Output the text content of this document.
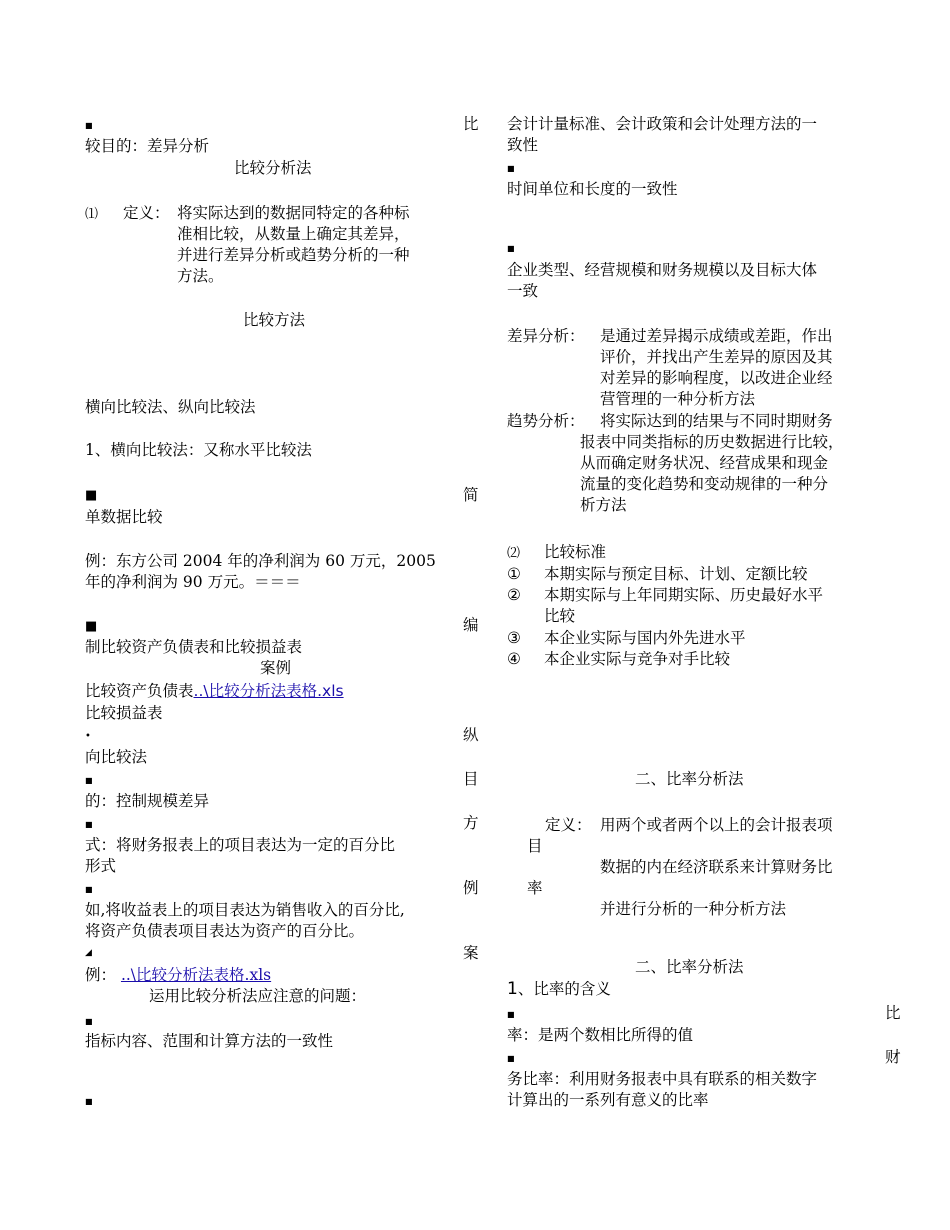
■	比
较目的：差异分析
比较分析法
⑴ 定义： 将实际达到的数据同特定的各种标
准相比较，从数量上确定其差异，
并进行差异分析或趋势分析的一种
方法。
比较方法
横向比较法、纵向比较法
1、横向比较法：又称水平比较法
■	简
单数据比较
例：东方公司 2004 年的净利润为 60 万元，2005
年的净利润为 90 万元。＝＝＝
■	编
制比较资产负债表和比较损益表
案例
比较资产负债表..\比较分析法表格.xls
比较损益表
•	纵
向比较法
■	目
的：控制规模差异
■	方
式：将财务报表上的项目表达为一定的百分比
形式
■	例
如,将收益表上的项目表达为销售收入的百分比,
将资产负债表项目表达为资产的百分比。
◢	案
例： ..\比较分析法表格.xls
运用比较分析法应注意的问题：
■
指标内容、范围和计算方法的一致性
■
会计计量标准、会计政策和会计处理方法的一
致性
■
时间单位和长度的一致性
■
企业类型、经营规模和财务规模以及目标大体
一致
差异分析： 是通过差异揭示成绩或差距，作出
评价，并找出产生差异的原因及其
对差异的影响程度，以改进企业经
营管理的一种分析方法
趋势分析： 将实际达到的结果与不同时期财务
报表中同类指标的历史数据进行比较，
从而确定财务状况、经营成果和现金
流量的变化趋势和变动规律的一种分
析方法
⑵ 比较标准
① 本期实际与预定目标、计划、定额比较
② 本期实际与上年同期实际、历史最好水平
比较
③ 本企业实际与国内外先进水平
④ 本企业实际与竞争对手比较
二、比率分析法
定义： 用两个或者两个以上的会计报表项
目
数据的内在经济联系来计算财务比
率
并进行分析的一种分析方法
二、比率分析法
1、比率的含义
■	比
率：是两个数相比所得的值
■	财
务比率：利用财务报表中具有联系的相关数字
计算出的一系列有意义的比率
